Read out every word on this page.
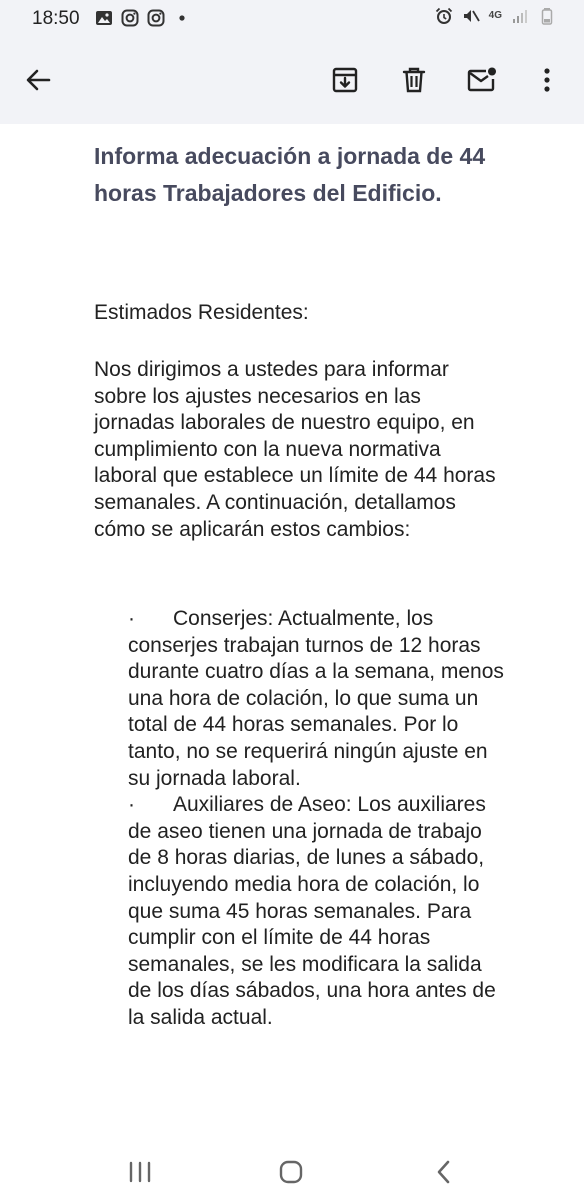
18:50	4G
Informa adecuación a jornada de 44 horas Trabajadores del Edificio.

Estimados Residentes:

Nos dirigimos a ustedes para informar sobre los ajustes necesarios en las jornadas laborales de nuestro equipo, en cumplimiento con la nueva normativa laboral que establece un límite de 44 horas semanales. A continuación, detallamos cómo se aplicarán estos cambios:

·	Conserjes: Actualmente, los conserjes trabajan turnos de 12 horas durante cuatro días a la semana, menos una hora de colación, lo que suma un total de 44 horas semanales. Por lo tanto, no se requerirá ningún ajuste en su jornada laboral.
·	Auxiliares de Aseo: Los auxiliares de aseo tienen una jornada de trabajo de 8 horas diarias, de lunes a sábado, incluyendo media hora de colación, lo que suma 45 horas semanales. Para cumplir con el límite de 44 horas semanales, se les modificara la salida de los días sábados, una hora antes de la salida actual.
